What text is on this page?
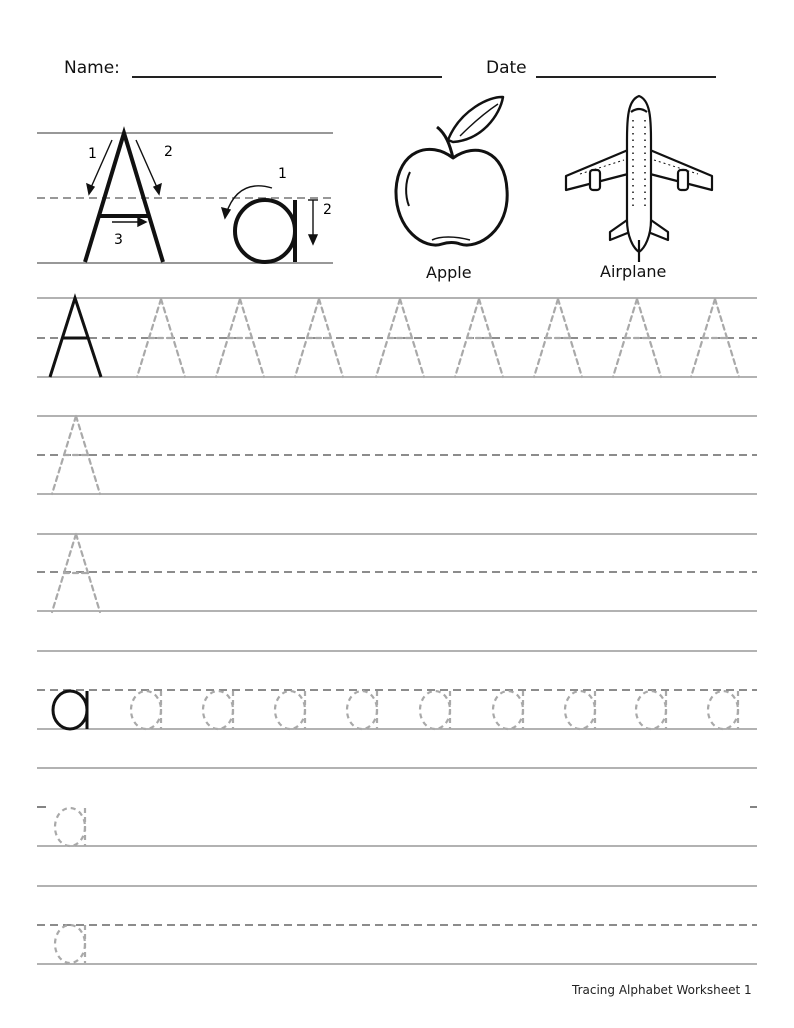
Name:	Date
1	2
3
1
2
Apple	Airplane
Tracing Alphabet Worksheet 1
